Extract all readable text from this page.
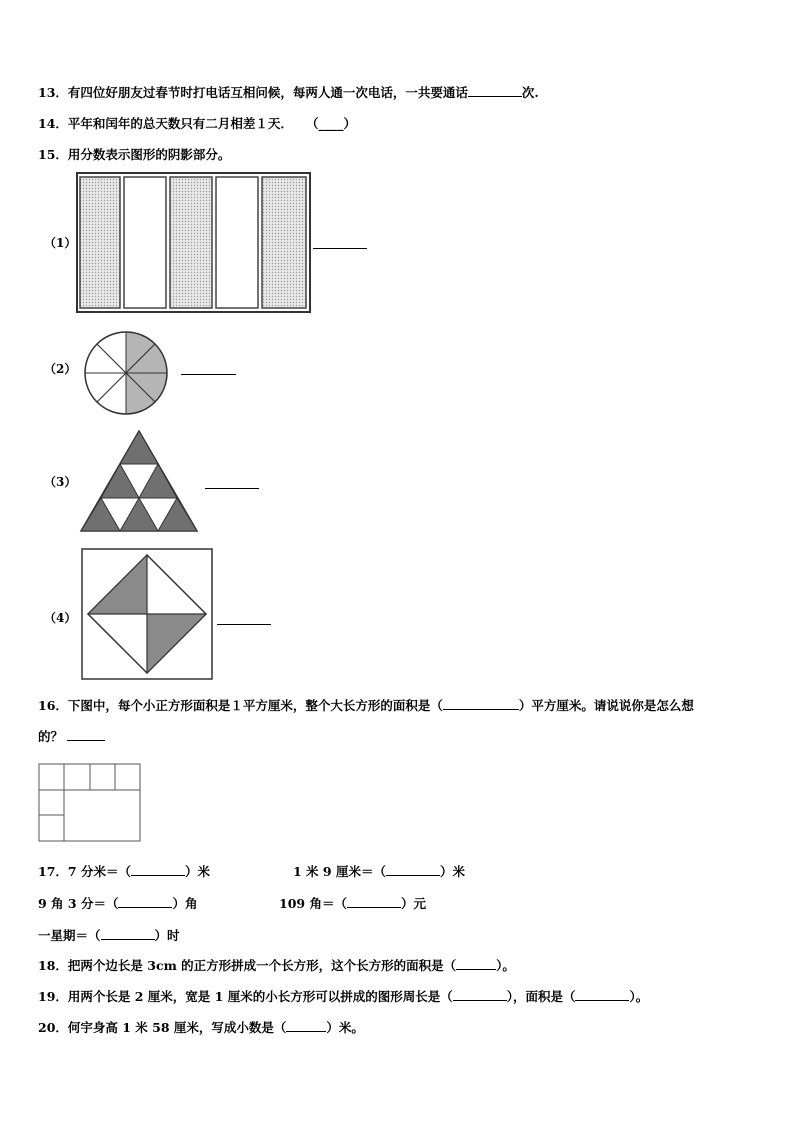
13．有四位好朋友过春节时打电话互相问候，每两人通一次电话，一共要通话	次.
14．平年和闰年的总天数只有二月相差１天． （____）
15．用分数表示图形的阴影部分。
（1）
（2）
（3）
（4）
16．下图中，每个小正方形面积是１平方厘米，整个大长方形的面积是（	）平方厘米。请说说你是怎么想
的？
17．7 分米＝（	）米	1 米 9 厘米＝（	）米
9 角 3 分＝（	）角	109 角＝（	）元
一星期＝（	）时
18．把两个边长是 3cm 的正方形拼成一个长方形，这个长方形的面积是（	）。
19．用两个长是 2 厘米，宽是 1 厘米的小长方形可以拼成的图形周长是（	），面积是（	）。
20．何宇身高 1 米 58 厘米，写成小数是（	）米。
